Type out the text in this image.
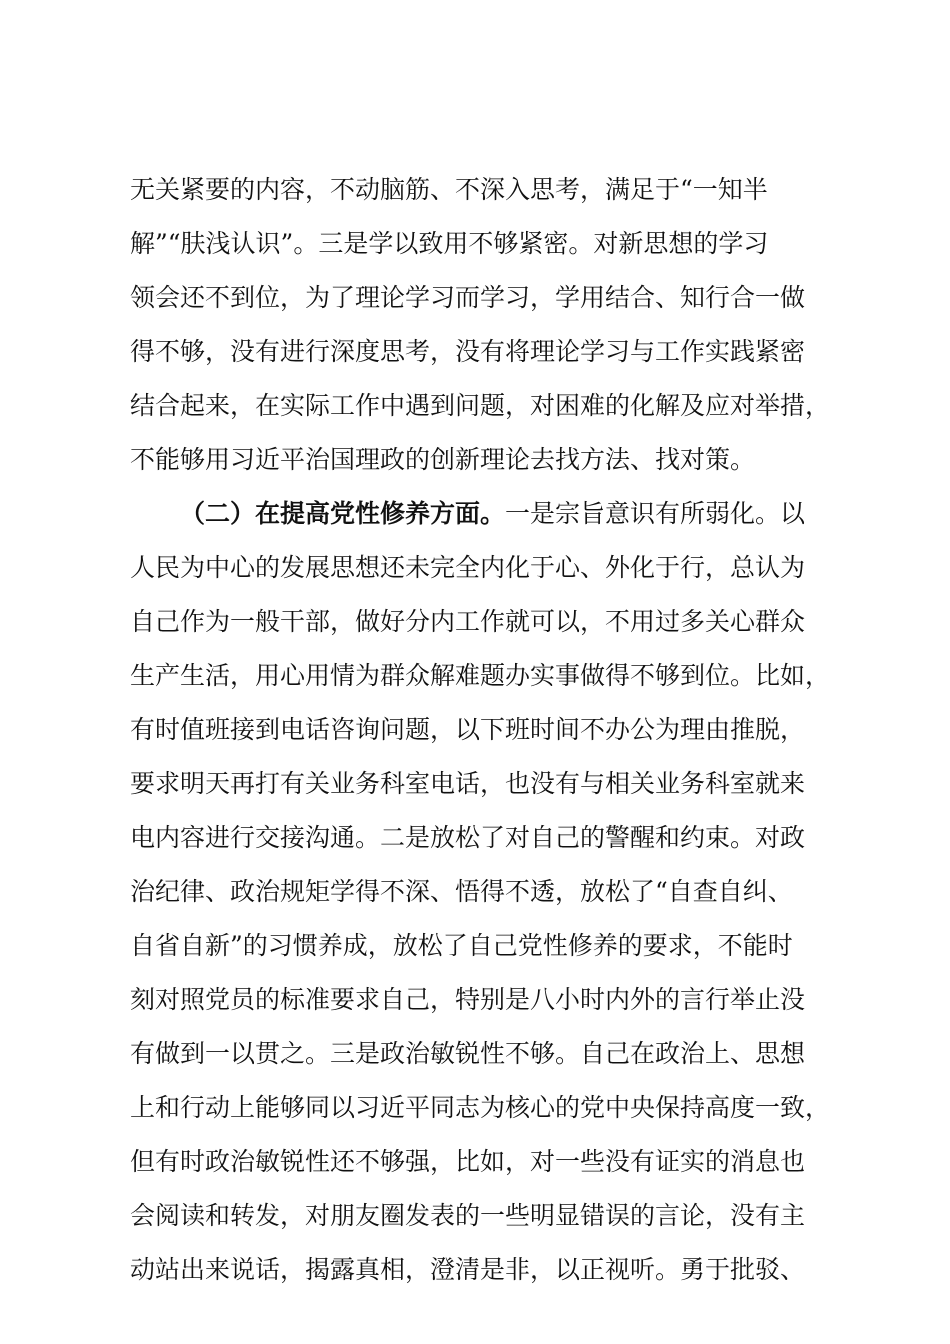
无关紧要的内容，不动脑筋、不深入思考，满足于“一知半
解”“肤浅认识”。三是学以致用不够紧密。对新思想的学习
领会还不到位，为了理论学习而学习，学用结合、知行合一做
得不够，没有进行深度思考，没有将理论学习与工作实践紧密
结合起来，在实际工作中遇到问题，对困难的化解及应对举措，
不能够用习近平治国理政的创新理论去找方法、找对策。
（二）在提高党性修养方面。一是宗旨意识有所弱化。以
人民为中心的发展思想还未完全内化于心、外化于行，总认为
自己作为一般干部，做好分内工作就可以，不用过多关心群众
生产生活，用心用情为群众解难题办实事做得不够到位。比如，
有时值班接到电话咨询问题，以下班时间不办公为理由推脱，
要求明天再打有关业务科室电话，也没有与相关业务科室就来
电内容进行交接沟通。二是放松了对自己的警醒和约束。对政
治纪律、政治规矩学得不深、悟得不透，放松了“自查自纠、
自省自新”的习惯养成，放松了自己党性修养的要求，不能时
刻对照党员的标准要求自己，特别是八小时内外的言行举止没
有做到一以贯之。三是政治敏锐性不够。自己在政治上、思想
上和行动上能够同以习近平同志为核心的党中央保持高度一致，
但有时政治敏锐性还不够强，比如，对一些没有证实的消息也
会阅读和转发，对朋友圈发表的一些明显错误的言论，没有主
动站出来说话，揭露真相，澄清是非，以正视听。勇于批驳、
